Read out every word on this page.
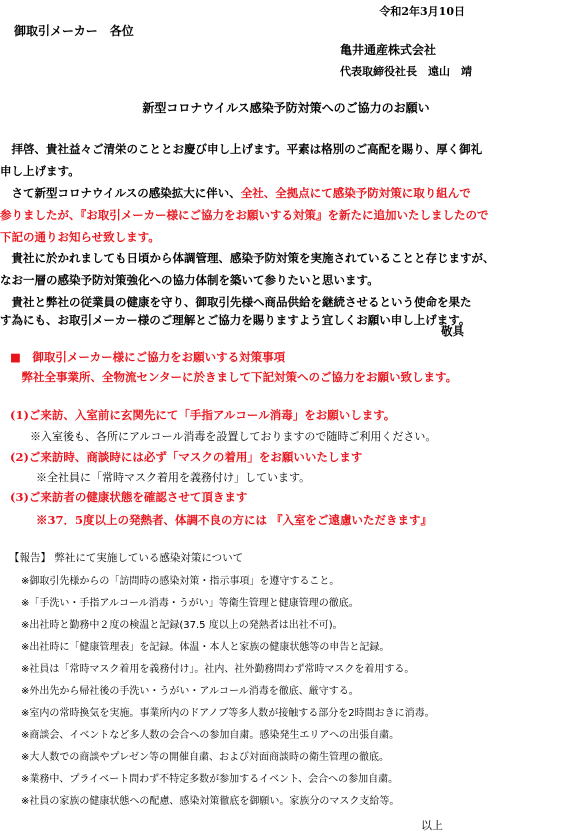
令和2年3月10日
御取引メーカー　各位
亀井通産株式会社
代表取締役社長　遠山　靖
新型コロナウイルス感染予防対策へのご協力のお願い
　拝啓、貴社益々ご清栄のこととお慶び申し上げます。平素は格別のご高配を賜り、厚く御礼
申し上げます。
　さて新型コロナウイルスの感染拡大に伴い、全社、全拠点にて感染予防対策に取り組んで
参りましたが、『お取引メーカー様にご協力をお願いする対策』を新たに追加いたしましたので
下記の通りお知らせ致します。
　貴社に於かれましても日頃から体調管理、感染予防対策を実施されていることと存じますが、
なお一層の感染予防対策強化への協力体制を築いて参りたいと思います。
　貴社と弊社の従業員の健康を守り、御取引先様へ商品供給を継続させるという使命を果た
す為にも、お取引メーカー様のご理解とご協力を賜りますよう宜しくお願い申し上げます。
敬具
■　御取引メーカー様にご協力をお願いする対策事項
　弊社全事業所、全物流センターに於きまして下記対策へのご協力をお願い致します。
(1)ご来訪、入室前に玄関先にて「手指アルコール消毒」をお願いします。
※入室後も、各所にアルコール消毒を設置しておりますので随時ご利用ください。
(2)ご来訪時、商談時には必ず「マスクの着用」をお願いいたします
※全社員に「常時マスク着用を義務付け」しています。
(3)ご来訪者の健康状態を確認させて頂きます
※37．5度以上の発熱者、体調不良の方には 『入室をご遠慮いただきます』
【報告】 弊社にて実施している感染対策について
※御取引先様からの「訪問時の感染対策・指示事項」を遵守すること。
※「手洗い・手指アルコール消毒・うがい」等衛生管理と健康管理の徹底。
※出社時と勤務中２度の検温と記録(37.5 度以上の発熱者は出社不可)。
※出社時に「健康管理表」を記録。体温・本人と家族の健康状態等の申告と記録。
※社員は「常時マスク着用を義務付け」。社内、社外勤務問わず常時マスクを着用する。
※外出先から帰社後の手洗い・うがい・アルコール消毒を徹底、厳守する。
※室内の常時換気を実施。事業所内のドアノブ等多人数が接触する部分を2時間おきに消毒。
※商談会、イベントなど多人数の会合への参加自粛。感染発生エリアへの出張自粛。
※大人数での商談やプレゼン等の開催自粛、および対面商談時の衛生管理の徹底。
※業務中、プライベート問わず不特定多数が参加するイベント、会合への参加自粛。
※社員の家族の健康状態への配慮、感染対策徹底を御願い。家族分のマスク支給等。
以上
